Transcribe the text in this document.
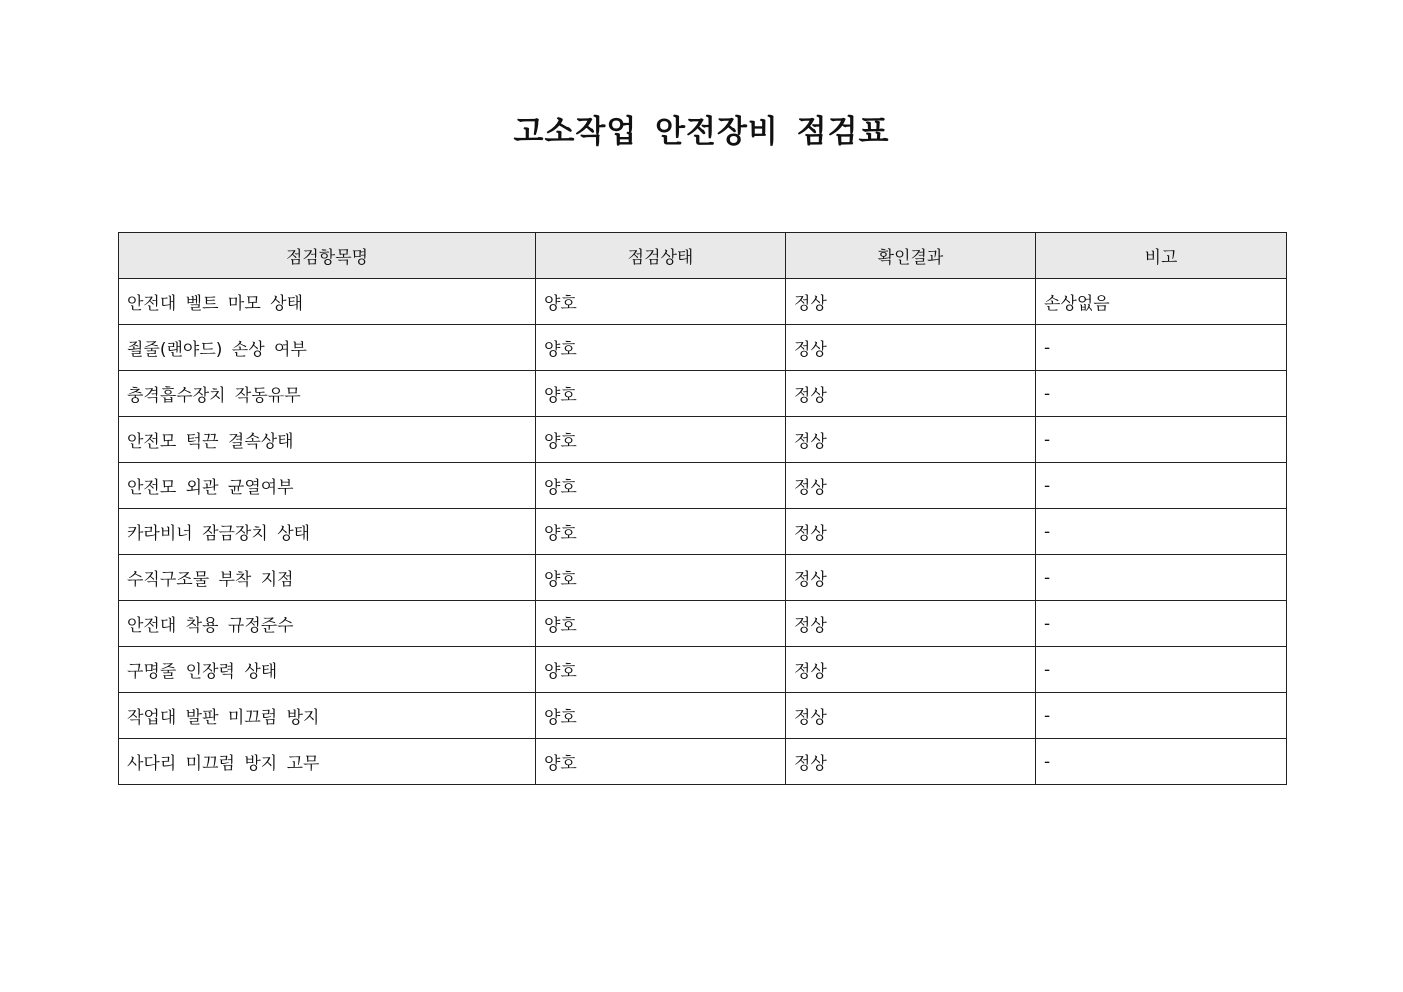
고소작업 안전장비 점검표
점검항목명	점검상태	확인결과	비고
안전대 벨트 마모 상태	양호	정상	손상없음
죌줄(랜야드) 손상 여부	양호	정상	-
충격흡수장치 작동유무	양호	정상	-
안전모 턱끈 결속상태	양호	정상	-
안전모 외관 균열여부	양호	정상	-
카라비너 잠금장치 상태	양호	정상	-
수직구조물 부착 지점	양호	정상	-
안전대 착용 규정준수	양호	정상	-
구명줄 인장력 상태	양호	정상	-
작업대 발판 미끄럼 방지	양호	정상	-
사다리 미끄럼 방지 고무	양호	정상	-
